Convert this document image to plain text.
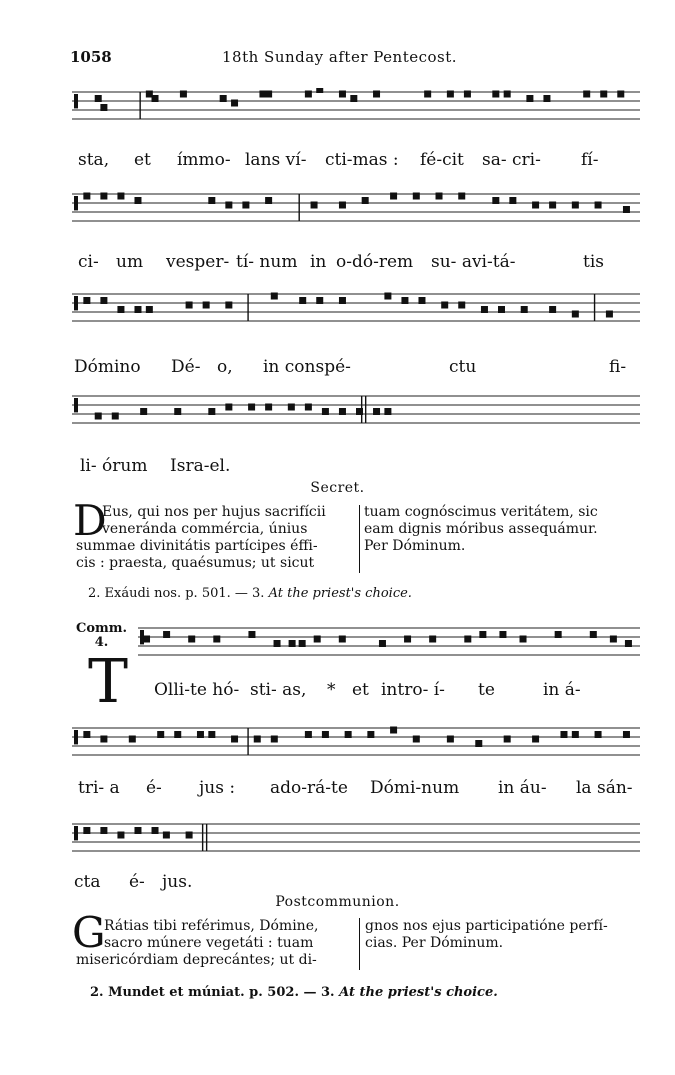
1058	18th Sunday after Pentecost.
sta, et ímmo- lans ví- cti-mas : fé-cit sa- cri- fí-
ci- um vesper- tí- num in o-dó-rem su- avi-tá-	tis
Dómino Dé- o, in conspé-	ctu	fi-
li- órum Isra-el.
Secret.
D
Eus, qui nos per hujus sacrifícii
veneránda commércia, únius
summae divinitátis partícipes éffi-
cis : praesta, quaésumus; ut sicut
tuam cognóscimus veritátem, sic
eam dignis móribus assequámur.
Per Dóminum.
2. Exáudi nos. p. 501. — 3. At the priest's choice.
Comm.
4.
T Olli-te hó- sti- as, * et intro- í- te	in á-
tri- a é- jus : ado-rá-te Dómi-num in áu- la sán-
cta é- jus.
Postcommunion.
G
Rátias tibi reférimus, Dómine,
sacro múnere vegetáti : tuam
misericórdiam deprecántes; ut di-
gnos nos ejus participatióne perfí-
cias. Per Dóminum.
2. Mundet et múniat. p. 502. — 3. At the priest's choice.
